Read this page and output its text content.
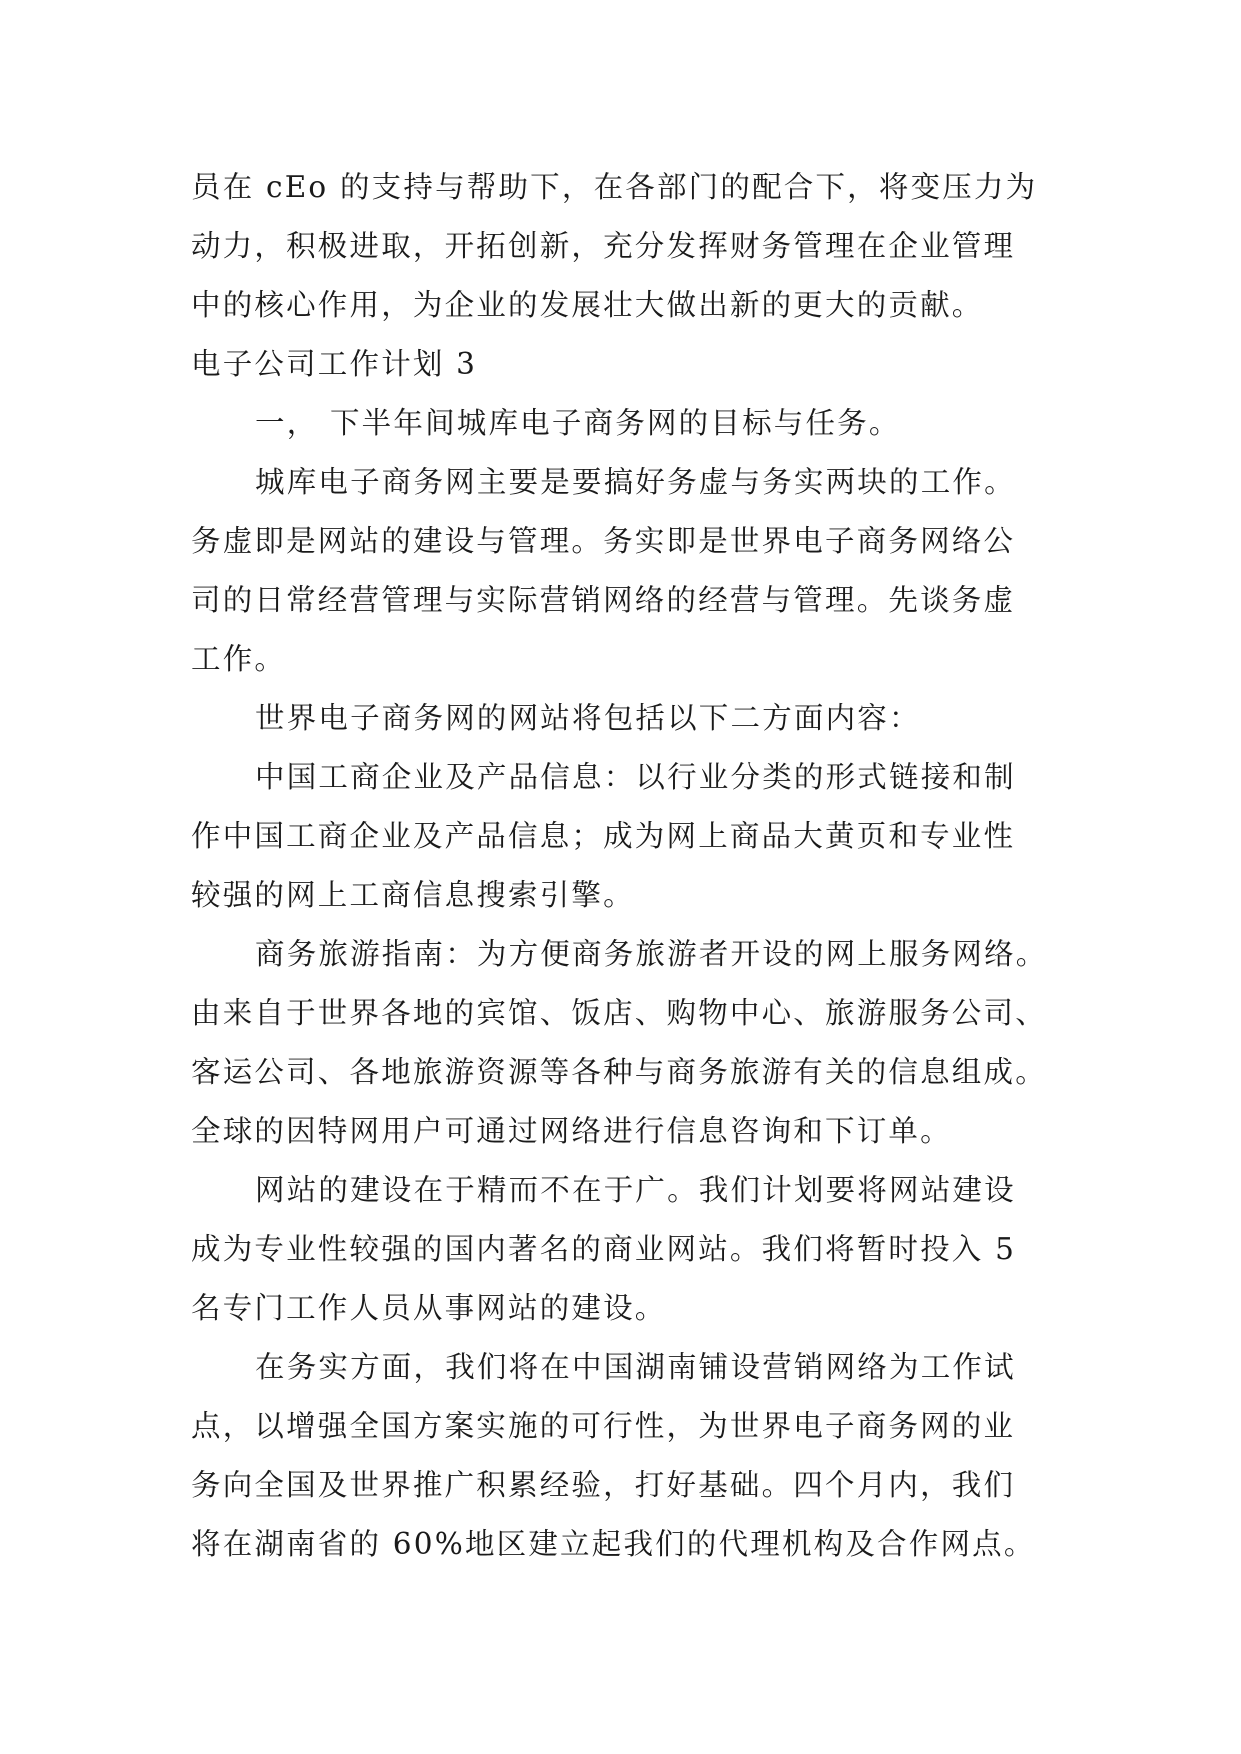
员在 cEo 的支持与帮助下，在各部门的配合下，将变压力为
动力，积极进取，开拓创新，充分发挥财务管理在企业管理
中的核心作用，为企业的发展壮大做出新的更大的贡献。
电子公司工作计划 3
一， 下半年间城库电子商务网的目标与任务。
城库电子商务网主要是要搞好务虚与务实两块的工作。
务虚即是网站的建设与管理。务实即是世界电子商务网络公
司的日常经营管理与实际营销网络的经营与管理。先谈务虚
工作。
世界电子商务网的网站将包括以下二方面内容：
中国工商企业及产品信息：以行业分类的形式链接和制
作中国工商企业及产品信息；成为网上商品大黄页和专业性
较强的网上工商信息搜索引擎。
商务旅游指南：为方便商务旅游者开设的网上服务网络。
由来自于世界各地的宾馆、饭店、购物中心、旅游服务公司、
客运公司、各地旅游资源等各种与商务旅游有关的信息组成。
全球的因特网用户可通过网络进行信息咨询和下订单。
网站的建设在于精而不在于广。我们计划要将网站建设
成为专业性较强的国内著名的商业网站。我们将暂时投入 5
名专门工作人员从事网站的建设。
在务实方面，我们将在中国湖南铺设营销网络为工作试
点，以增强全国方案实施的可行性，为世界电子商务网的业
务向全国及世界推广积累经验，打好基础。四个月内，我们
将在湖南省的 60%地区建立起我们的代理机构及合作网点。
